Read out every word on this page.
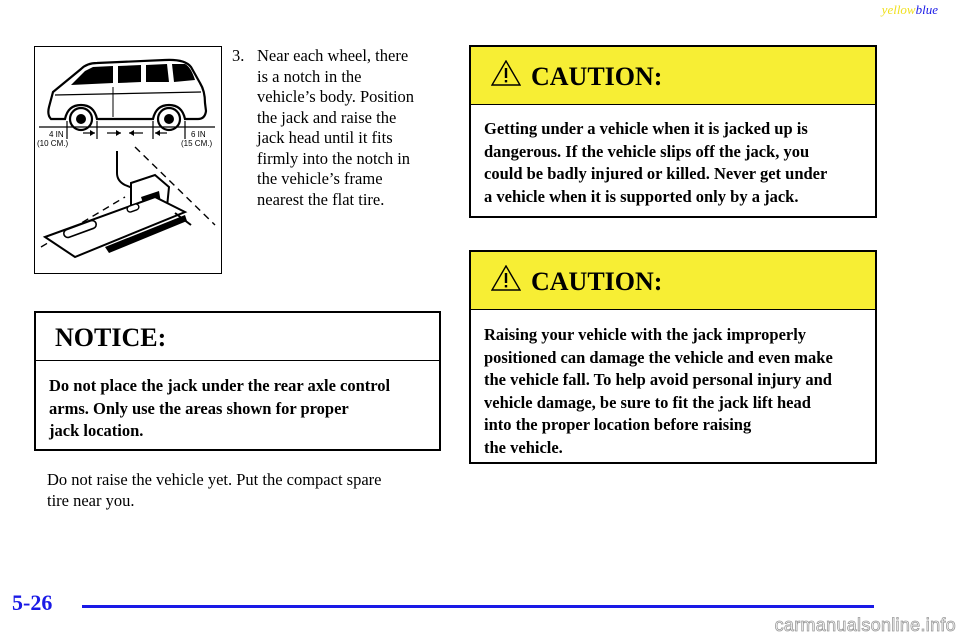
yellowblue
4 IN
(10 CM.)
6 IN
(15 CM.)
3. Near each wheel, there
is a notch in the
vehicle’s body. Position
the jack and raise the
jack head until it fits
firmly into the notch in
the vehicle’s frame
nearest the flat tire.
NOTICE:
Do not place the jack under the rear axle control
arms. Only use the areas shown for proper
jack location.
Do not raise the vehicle yet. Put the compact spare
tire near you.
CAUTION:
Getting under a vehicle when it is jacked up is
dangerous. If the vehicle slips off the jack, you
could be badly injured or killed. Never get under
a vehicle when it is supported only by a jack.
CAUTION:
Raising your vehicle with the jack improperly
positioned can damage the vehicle and even make
the vehicle fall. To help avoid personal injury and
vehicle damage, be sure to fit the jack lift head
into the proper location before raising
the vehicle.
5-26
carmanualsonline.info
